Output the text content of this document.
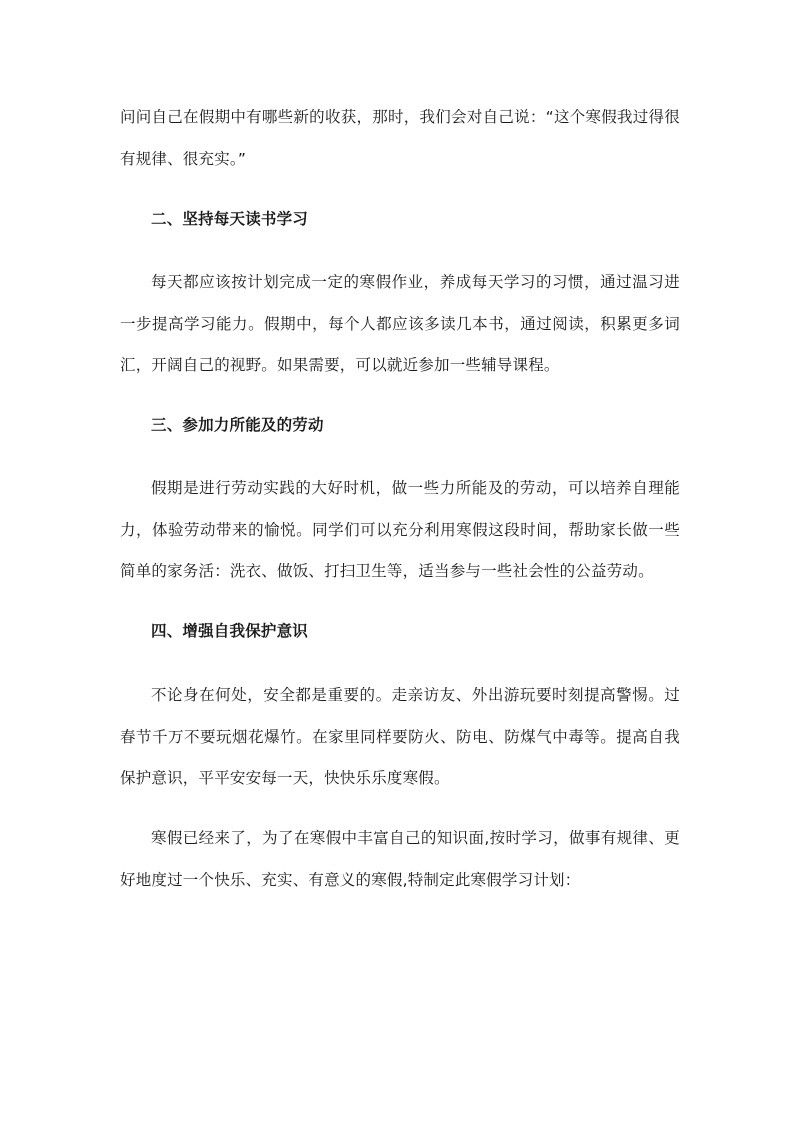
问问自己在假期中有哪些新的收获，那时，我们会对自己说：“这个寒假我过得很有规律、很充实。”

二、坚持每天读书学习

每天都应该按计划完成一定的寒假作业，养成每天学习的习惯，通过温习进一步提高学习能力。假期中，每个人都应该多读几本书，通过阅读，积累更多词汇，开阔自己的视野。如果需要，可以就近参加一些辅导课程。

三、参加力所能及的劳动

假期是进行劳动实践的大好时机，做一些力所能及的劳动，可以培养自理能力，体验劳动带来的愉悦。同学们可以充分利用寒假这段时间，帮助家长做一些简单的家务活：洗衣、做饭、打扫卫生等，适当参与一些社会性的公益劳动。

四、增强自我保护意识

不论身在何处，安全都是重要的。走亲访友、外出游玩要时刻提高警惕。过春节千万不要玩烟花爆竹。在家里同样要防火、防电、防煤气中毒等。提高自我保护意识，平平安安每一天，快快乐乐度寒假。

寒假已经来了，为了在寒假中丰富自己的知识面,按时学习，做事有规律、更好地度过一个快乐、充实、有意义的寒假,特制定此寒假学习计划：
